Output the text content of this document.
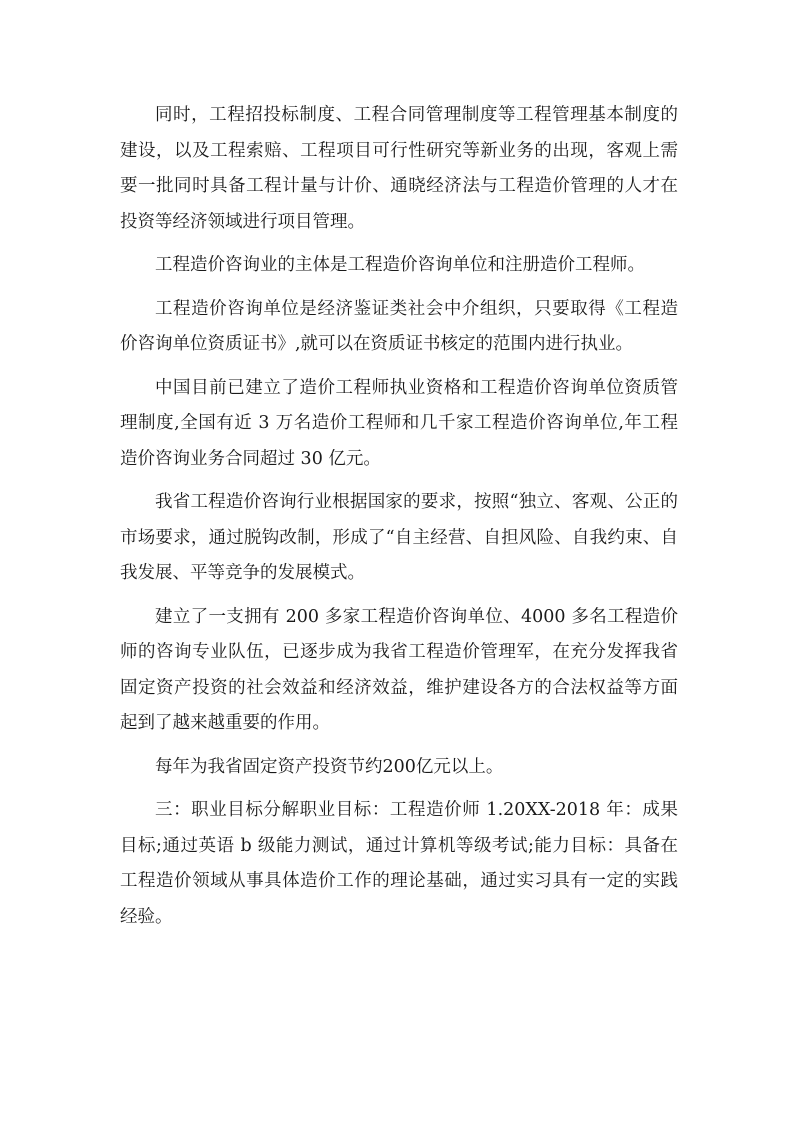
同时，工程招投标制度、工程合同管理制度等工程管理基本制度的建设，以及工程索赔、工程项目可行性研究等新业务的出现，客观上需要一批同时具备工程计量与计价、通晓经济法与工程造价管理的人才在投资等经济领域进行项目管理。

工程造价咨询业的主体是工程造价咨询单位和注册造价工程师。

工程造价咨询单位是经济鉴证类社会中介组织，只要取得《工程造价咨询单位资质证书》,就可以在资质证书核定的范围内进行执业。

中国目前已建立了造价工程师执业资格和工程造价咨询单位资质管理制度,全国有近 3 万名造价工程师和几千家工程造价咨询单位,年工程造价咨询业务合同超过 30 亿元。

我省工程造价咨询行业根据国家的要求，按照“独立、客观、公正的市场要求，通过脱钩改制，形成了“自主经营、自担风险、自我约束、自我发展、平等竞争的发展模式。

建立了一支拥有 200 多家工程造价咨询单位、4000 多名工程造价师的咨询专业队伍，已逐步成为我省工程造价管理军，在充分发挥我省固定资产投资的社会效益和经济效益，维护建设各方的合法权益等方面起到了越来越重要的作用。

每年为我省固定资产投资节约200亿元以上。

三：职业目标分解职业目标：工程造价师 1.20XX-2018 年：成果目标;通过英语 b 级能力测试，通过计算机等级考试;能力目标：具备在工程造价领域从事具体造价工作的理论基础，通过实习具有一定的实践经验。
